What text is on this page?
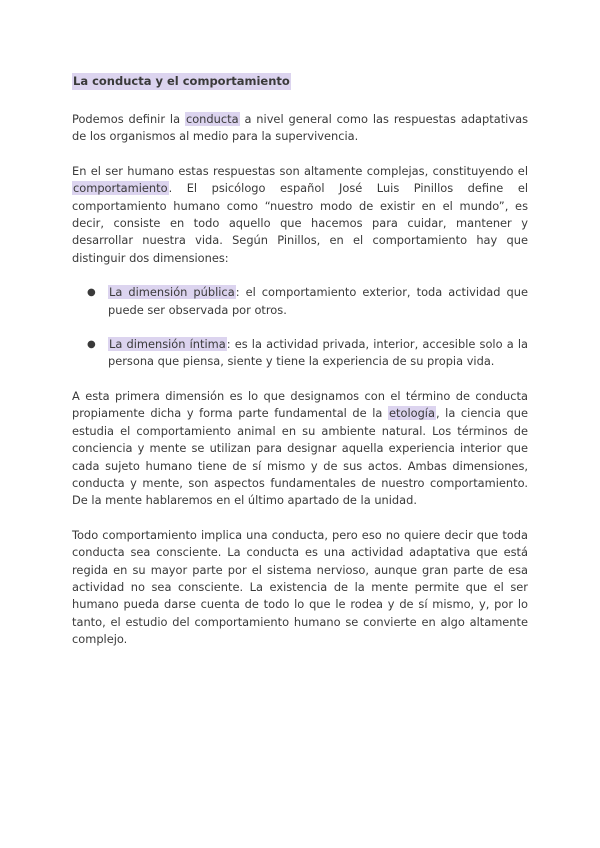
La conducta y el comportamiento

Podemos definir la conducta a nivel general como las respuestas adaptativas de los organismos al medio para la supervivencia.

En el ser humano estas respuestas son altamente complejas, constituyendo el comportamiento. El psicólogo español José Luis Pinillos define el comportamiento humano como “nuestro modo de existir en el mundo”, es decir, consiste en todo aquello que hacemos para cuidar, mantener y desarrollar nuestra vida. Según Pinillos, en el comportamiento hay que distinguir dos dimensiones:

● La dimensión pública: el comportamiento exterior, toda actividad que puede ser observada por otros.
● La dimensión íntima: es la actividad privada, interior, accesible solo a la persona que piensa, siente y tiene la experiencia de su propia vida.

A esta primera dimensión es lo que designamos con el término de conducta propiamente dicha y forma parte fundamental de la etología, la ciencia que estudia el comportamiento animal en su ambiente natural. Los términos de conciencia y mente se utilizan para designar aquella experiencia interior que cada sujeto humano tiene de sí mismo y de sus actos. Ambas dimensiones, conducta y mente, son aspectos fundamentales de nuestro comportamiento. De la mente hablaremos en el último apartado de la unidad.

Todo comportamiento implica una conducta, pero eso no quiere decir que toda conducta sea consciente. La conducta es una actividad adaptativa que está regida en su mayor parte por el sistema nervioso, aunque gran parte de esa actividad no sea consciente. La existencia de la mente permite que el ser humano pueda darse cuenta de todo lo que le rodea y de sí mismo, y, por lo tanto, el estudio del comportamiento humano se convierte en algo altamente complejo.
